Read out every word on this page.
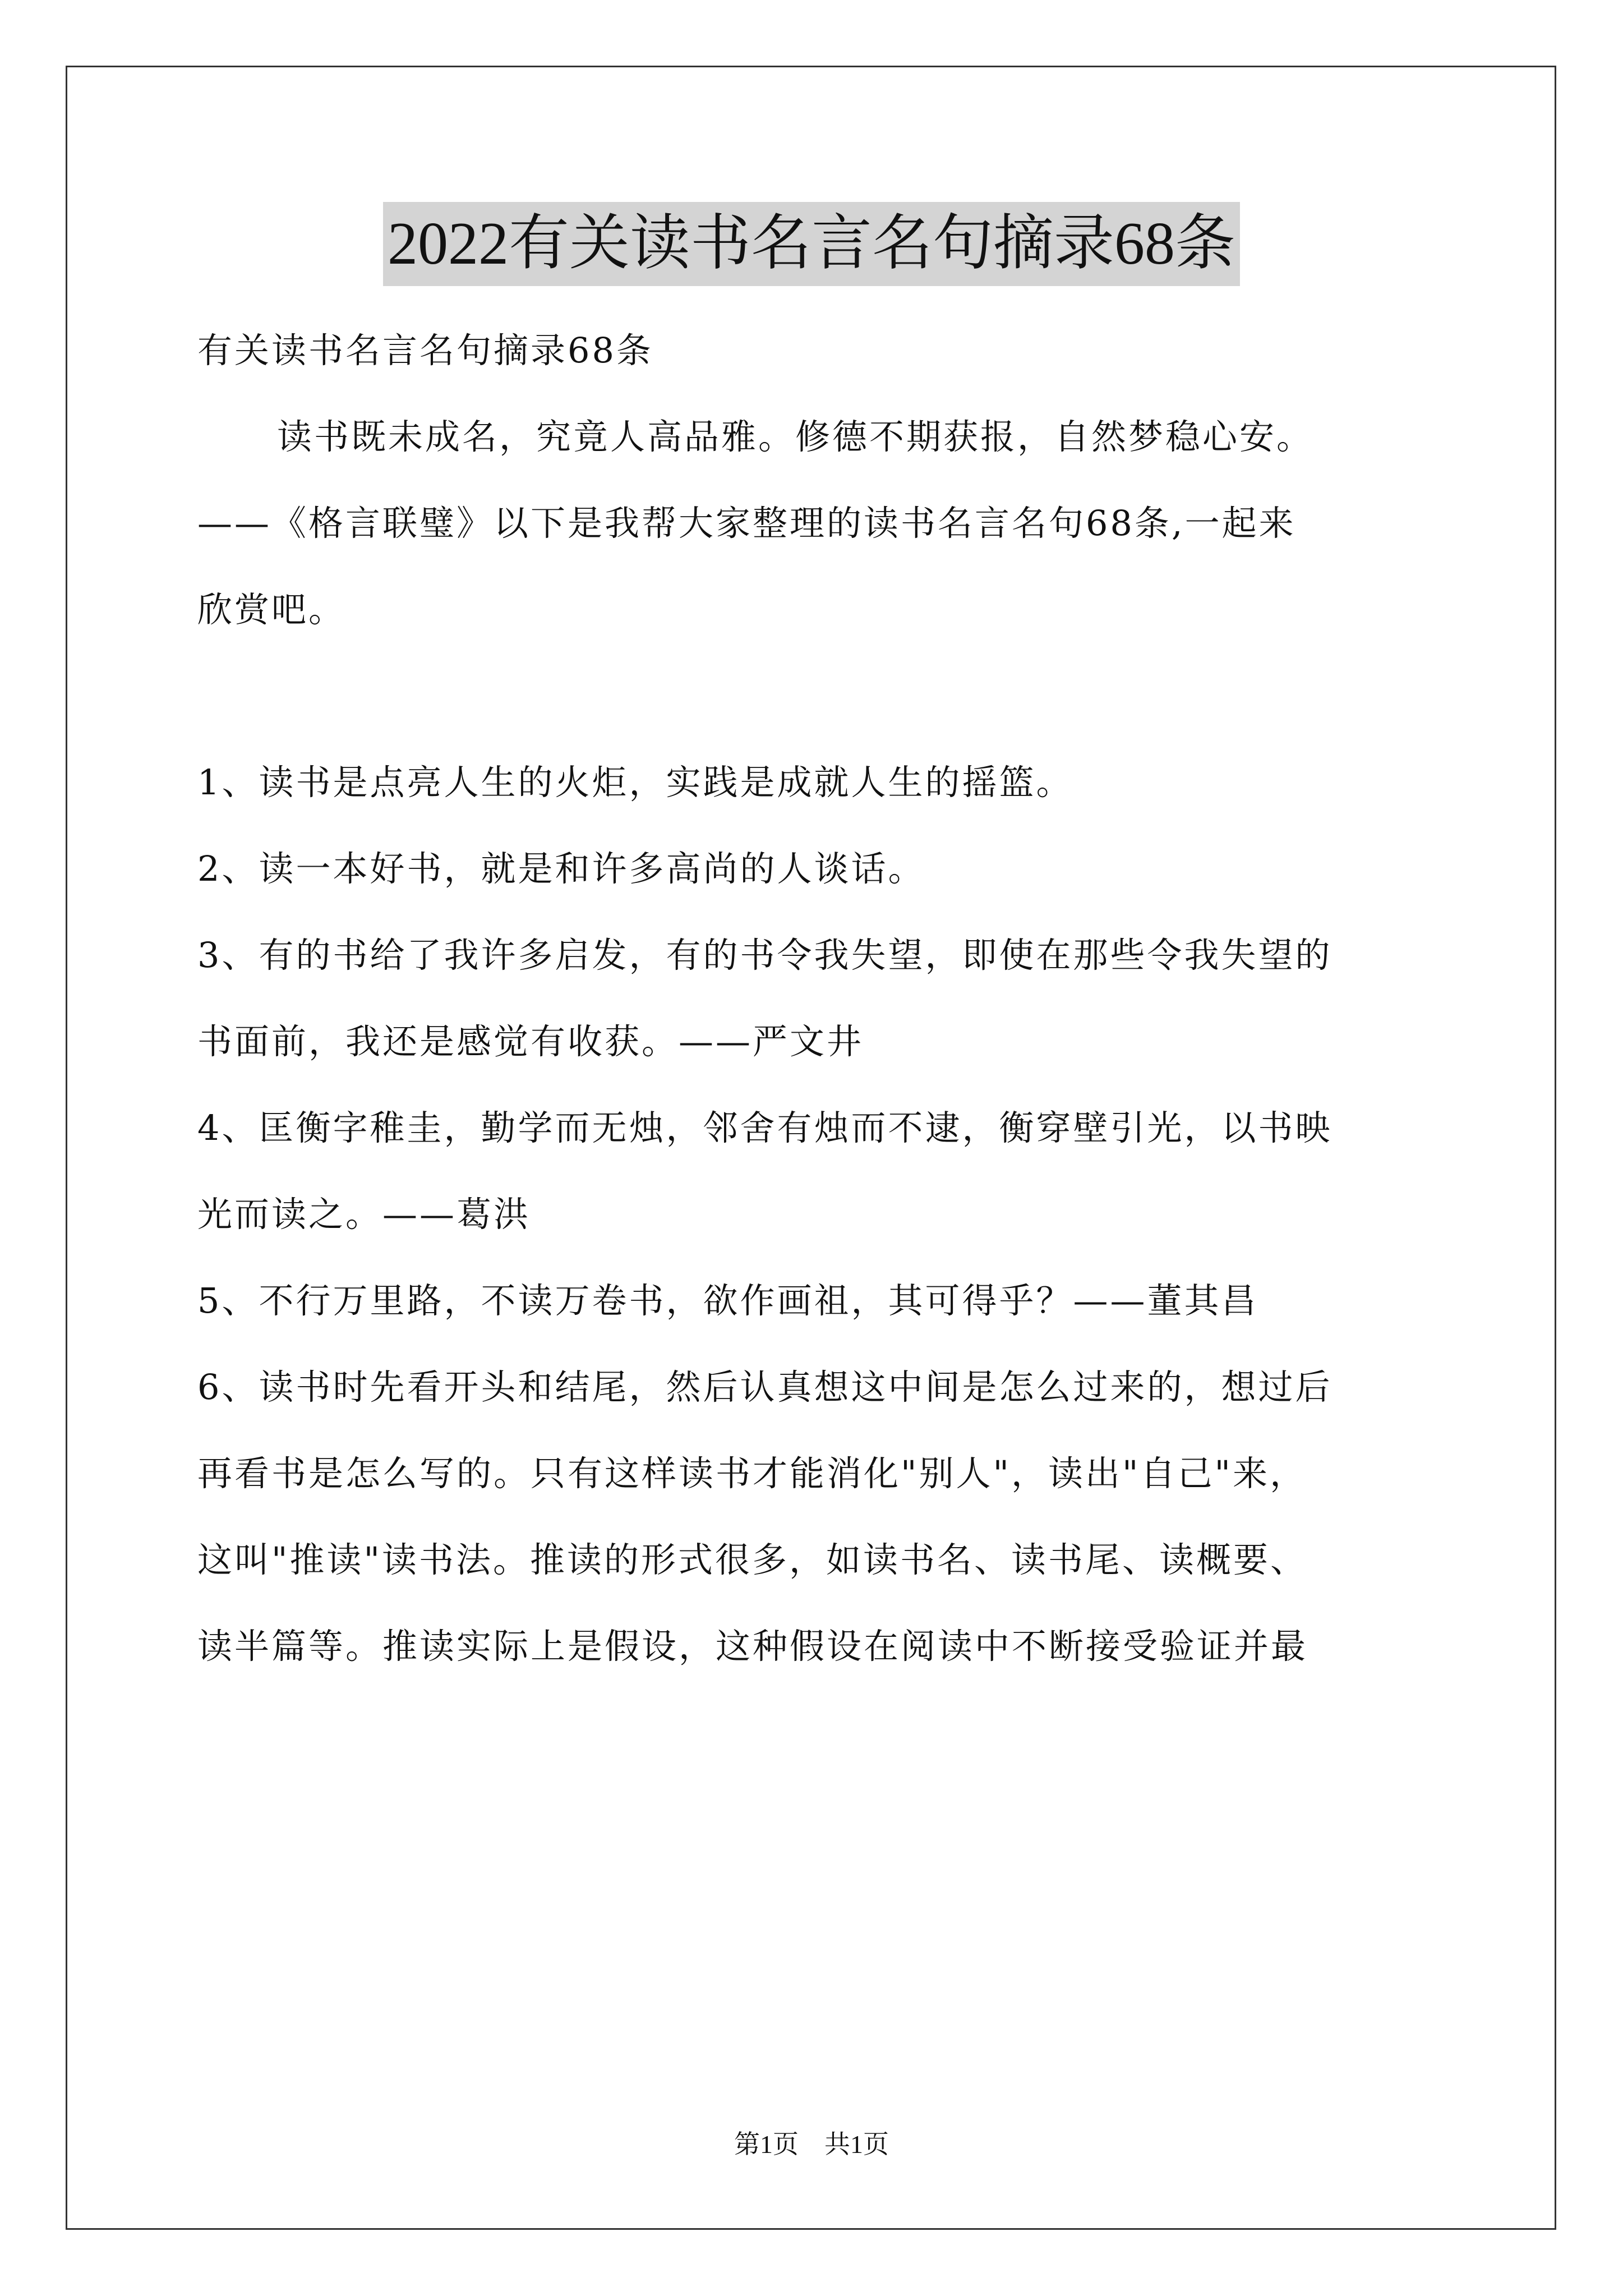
2022有关读书名言名句摘录68条
有关读书名言名句摘录68条
读书既未成名，究竟人高品雅。修德不期获报，自然梦稳心安。
——《格言联璧》以下是我帮大家整理的读书名言名句68条,一起来
欣赏吧。
1、读书是点亮人生的火炬，实践是成就人生的摇篮。
2、读一本好书，就是和许多高尚的人谈话。
3、有的书给了我许多启发，有的书令我失望，即使在那些令我失望的
书面前，我还是感觉有收获。——严文井
4、匡衡字稚圭，勤学而无烛，邻舍有烛而不逮，衡穿壁引光，以书映
光而读之。——葛洪
5、不行万里路，不读万卷书，欲作画祖，其可得乎？——董其昌
6、读书时先看开头和结尾，然后认真想这中间是怎么过来的，想过后
再看书是怎么写的。只有这样读书才能消化"别人"，读出"自己"来，
这叫"推读"读书法。推读的形式很多，如读书名、读书尾、读概要、
读半篇等。推读实际上是假设，这种假设在阅读中不断接受验证并最
第1页　共1页
